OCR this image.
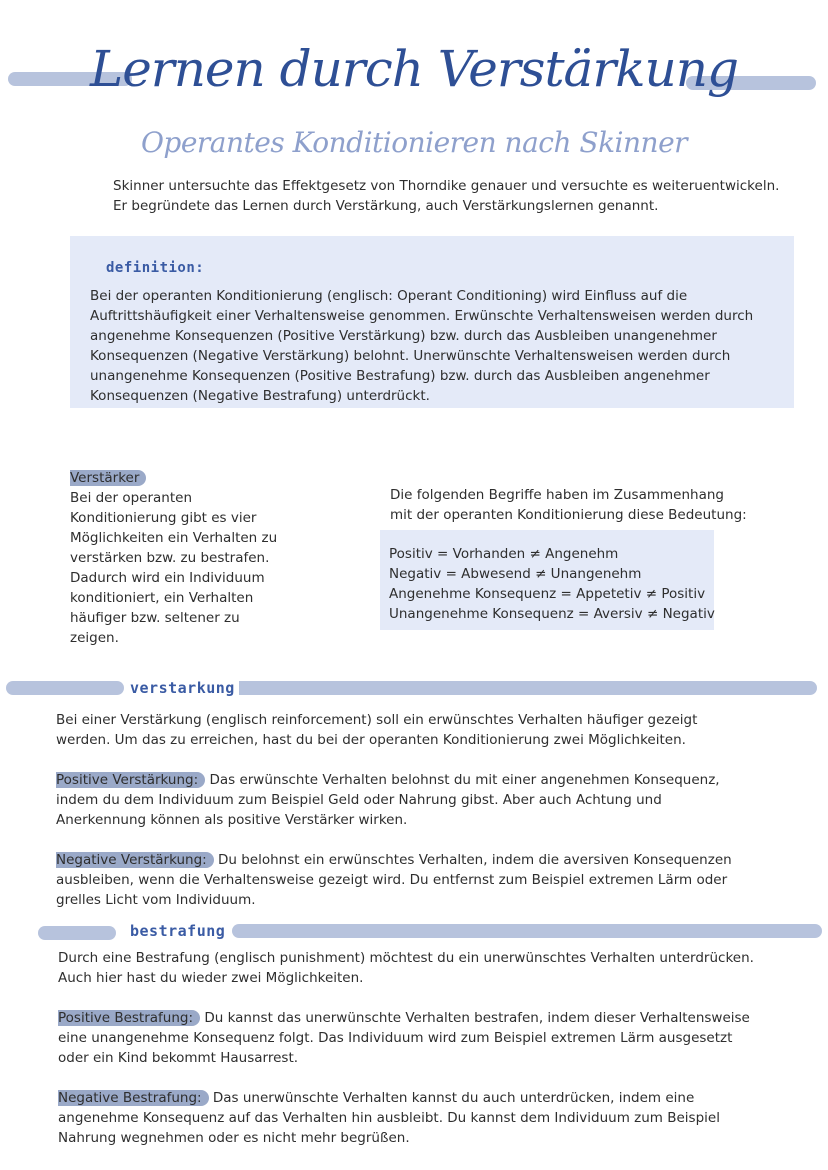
Lernen durch Verstärkung
Operantes Konditionieren nach Skinner
Skinner untersuchte das Effektgesetz von Thorndike genauer und versuchte es weiteruentwickeln.
Er begründete das Lernen durch Verstärkung, auch Verstärkungslernen genannt.
definition:
Bei der operanten Konditionierung (englisch: Operant Conditioning) wird Einfluss auf die
Auftrittshäufigkeit einer Verhaltensweise genommen. Erwünschte Verhaltensweisen werden durch
angenehme Konsequenzen (Positive Verstärkung) bzw. durch das Ausbleiben unangenehmer
Konsequenzen (Negative Verstärkung) belohnt. Unerwünschte Verhaltensweisen werden durch
unangenehme Konsequenzen (Positive Bestrafung) bzw. durch das Ausbleiben angenehmer
Konsequenzen (Negative Bestrafung) unterdrückt.
Verstärker
Bei der operanten
Konditionierung gibt es vier
Möglichkeiten ein Verhalten zu
verstärken bzw. zu bestrafen.
Dadurch wird ein Individuum
konditioniert, ein Verhalten
häufiger bzw. seltener zu
zeigen.
Die folgenden Begriffe haben im Zusammenhang
mit der operanten Konditionierung diese Bedeutung:
Positiv = Vorhanden ≠ Angenehm
Negativ = Abwesend ≠ Unangenehm
Angenehme Konsequenz = Appetetiv ≠ Positiv
Unangenehme Konsequenz = Aversiv ≠ Negativ
verstarkung
Bei einer Verstärkung (englisch reinforcement) soll ein erwünschtes Verhalten häufiger gezeigt
werden. Um das zu erreichen, hast du bei der operanten Konditionierung zwei Möglichkeiten.
Positive Verstärkung: Das erwünschte Verhalten belohnst du mit einer angenehmen Konsequenz,
indem du dem Individuum zum Beispiel Geld oder Nahrung gibst. Aber auch Achtung und
Anerkennung können als positive Verstärker wirken.
Negative Verstärkung: Du belohnst ein erwünschtes Verhalten, indem die aversiven Konsequenzen
ausbleiben, wenn die Verhaltensweise gezeigt wird. Du entfernst zum Beispiel extremen Lärm oder
grelles Licht vom Individuum.
bestrafung
Durch eine Bestrafung (englisch punishment) möchtest du ein unerwünschtes Verhalten unterdrücken.
Auch hier hast du wieder zwei Möglichkeiten.
Positive Bestrafung: Du kannst das unerwünschte Verhalten bestrafen, indem dieser Verhaltensweise
eine unangenehme Konsequenz folgt. Das Individuum wird zum Beispiel extremen Lärm ausgesetzt
oder ein Kind bekommt Hausarrest.
Negative Bestrafung: Das unerwünschte Verhalten kannst du auch unterdrücken, indem eine
angenehme Konsequenz auf das Verhalten hin ausbleibt. Du kannst dem Individuum zum Beispiel
Nahrung wegnehmen oder es nicht mehr begrüßen.
